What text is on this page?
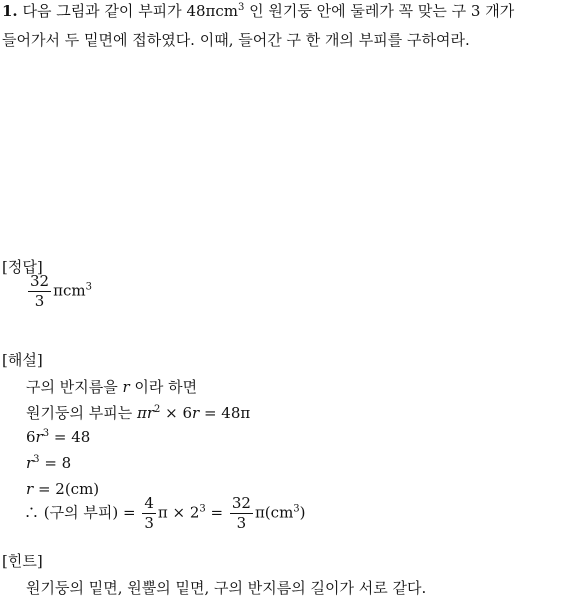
1. 다음 그림과 같이 부피가 48πcm$^3$ 인 원기둥 안에 둘레가 꼭 맞는 구 3 개가
들어가서 두 밑면에 접하였다. 이때, 들어간 구 한 개의 부피를 구하여라.
[정답]
$\frac{32}{3} \pi cm^3$
[해설]
구의 반지름을 r 이라 하면
원기둥의 부피는 $\pi r^2 \times 6r = 48\pi$
$6r^3 = 48$
$r^3 = 8$
r = 2(cm)
∴ (구의 부피) = $\frac{4}{3}$ $\pi \times 2^3 = \frac{32}{3} \pi(cm^3)$
[힌트]
원기둥의 밑면, 원뿔의 밑면, 구의 반지름의 길이가 서로 같다.
